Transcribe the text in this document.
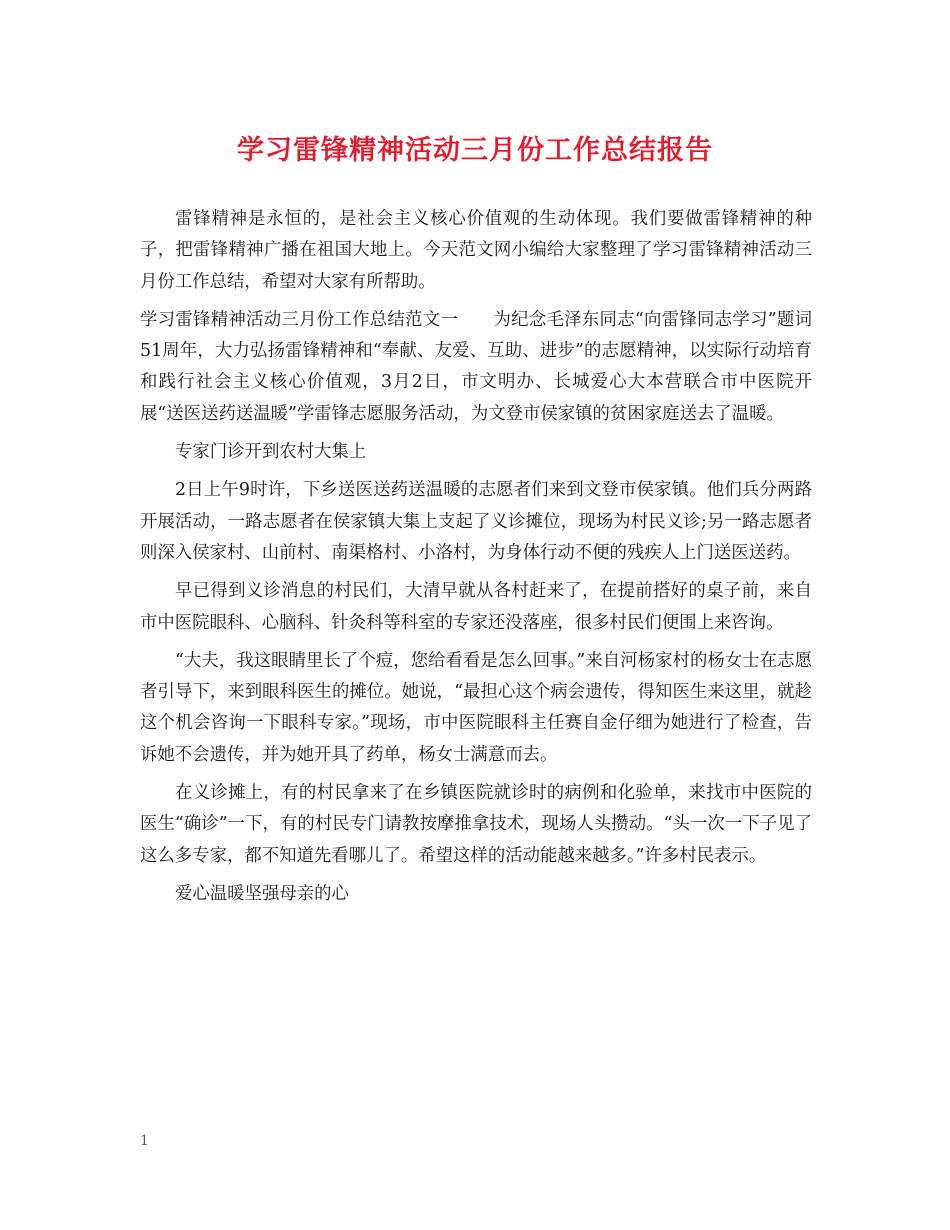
学习雷锋精神活动三月份工作总结报告

雷锋精神是永恒的，是社会主义核心价值观的生动体现。我们要做雷锋精神的种子，把雷锋精神广播在祖国大地上。今天范文网小编给大家整理了学习雷锋精神活动三月份工作总结，希望对大家有所帮助。

学习雷锋精神活动三月份工作总结范文一　　为纪念毛泽东同志“向雷锋同志学习”题词51周年，大力弘扬雷锋精神和“奉献、友爱、互助、进步”的志愿精神，以实际行动培育和践行社会主义核心价值观，3月2日，市文明办、长城爱心大本营联合市中医院开展“送医送药送温暖”学雷锋志愿服务活动，为文登市侯家镇的贫困家庭送去了温暖。

专家门诊开到农村大集上

2日上午9时许，下乡送医送药送温暖的志愿者们来到文登市侯家镇。他们兵分两路开展活动，一路志愿者在侯家镇大集上支起了义诊摊位，现场为村民义诊;另一路志愿者则深入侯家村、山前村、南渠格村、小洛村，为身体行动不便的残疾人上门送医送药。

早已得到义诊消息的村民们，大清早就从各村赶来了，在提前搭好的桌子前，来自市中医院眼科、心脑科、针灸科等科室的专家还没落座，很多村民们便围上来咨询。

“大夫，我这眼睛里长了个痘，您给看看是怎么回事。”来自河杨家村的杨女士在志愿者引导下，来到眼科医生的摊位。她说，“最担心这个病会遗传，得知医生来这里，就趁这个机会咨询一下眼科专家。”现场，市中医院眼科主任赛自金仔细为她进行了检查，告诉她不会遗传，并为她开具了药单，杨女士满意而去。

在义诊摊上，有的村民拿来了在乡镇医院就诊时的病例和化验单，来找市中医院的医生“确诊”一下，有的村民专门请教按摩推拿技术，现场人头攒动。“头一次一下子见了这么多专家，都不知道先看哪儿了。希望这样的活动能越来越多。”许多村民表示。

爱心温暖坚强母亲的心

1
